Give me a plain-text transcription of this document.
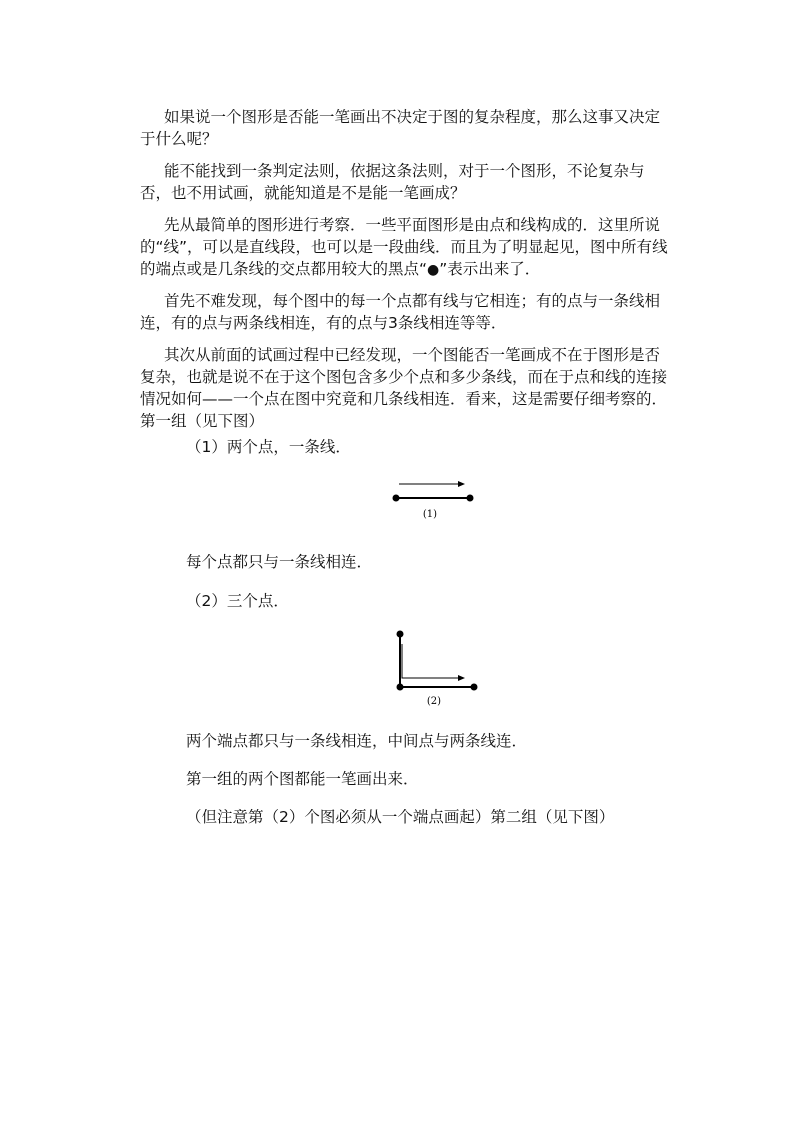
如果说一个图形是否能一笔画出不决定于图的复杂程度，那么这事又决定于什么呢？

能不能找到一条判定法则，依据这条法则，对于一个图形，不论复杂与否，也不用试画，就能知道是不是能一笔画成？

先从最简单的图形进行考察．一些平面图形是由点和线构成的．这里所说的“线”，可以是直线段，也可以是一段曲线．而且为了明显起见，图中所有线的端点或是几条线的交点都用较大的黑点“●”表示出来了．

首先不难发现，每个图中的每一个点都有线与它相连；有的点与一条线相连，有的点与两条线相连，有的点与3条线相连等等．

其次从前面的试画过程中已经发现，一个图能否一笔画成不在于图形是否复杂，也就是说不在于这个图包含多少个点和多少条线，而在于点和线的连接情况如何——一个点在图中究竟和几条线相连．看来，这是需要仔细考察的．第一组（见下图）

（1）两个点，一条线．

(1)

每个点都只与一条线相连．

（2）三个点．

(2)

两个端点都只与一条线相连，中间点与两条线连．

第一组的两个图都能一笔画出来．

（但注意第（2）个图必须从一个端点画起）第二组（见下图）
